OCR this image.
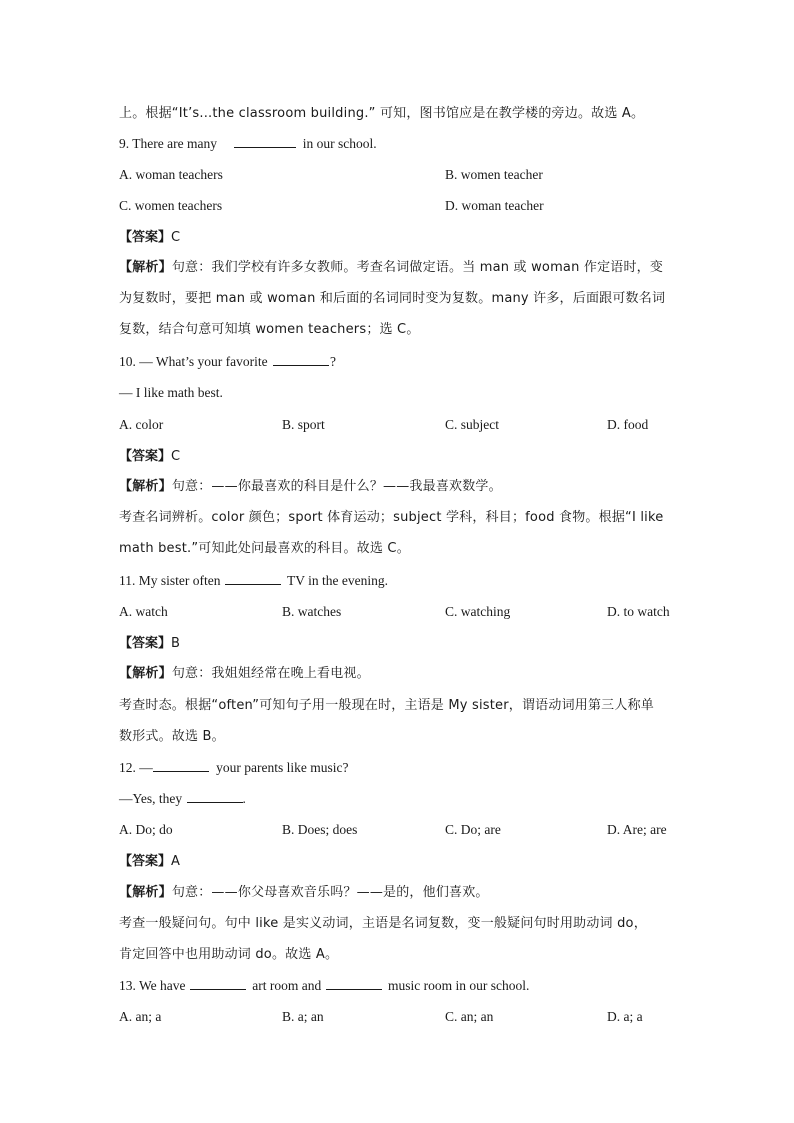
上。根据“It’s...the classroom building.” 可知，图书馆应是在教学楼的旁边。故选 A。
9. There are many	in our school.
A. woman teachers	B. women teacher
C. women teachers	D. woman teacher
【答案】C
【解析】句意：我们学校有许多女教师。考查名词做定语。当 man 或 woman 作定语时，变
为复数时，要把 man 或 woman 和后面的名词同时变为复数。many 许多，后面跟可数名词
复数，结合句意可知填 women teachers；选 C。
10. — What’s your favorite	?
— I like math best.
A. color	B. sport	C. subject	D. food
【答案】C
【解析】句意：——你最喜欢的科目是什么？——我最喜欢数学。
考查名词辨析。color 颜色；sport 体育运动；subject 学科，科目；food 食物。根据“I like
math best.”可知此处问最喜欢的科目。故选 C。
11. My sister often	TV in the evening.
A. watch	B. watches	C. watching	D. to watch
【答案】B
【解析】句意：我姐姐经常在晚上看电视。
考查时态。根据“often”可知句子用一般现在时，主语是 My sister，谓语动词用第三人称单
数形式。故选 B。
12. —	your parents like music?
—Yes, they	.
A. Do; do	B. Does; does	C. Do; are	D. Are; are
【答案】A
【解析】句意：——你父母喜欢音乐吗？——是的，他们喜欢。
考查一般疑问句。句中 like 是实义动词，主语是名词复数，变一般疑问句时用助动词 do，
肯定回答中也用助动词 do。故选 A。
13. We have	art room and	music room in our school.
A. an; a	B. a; an	C. an; an	D. a; a
